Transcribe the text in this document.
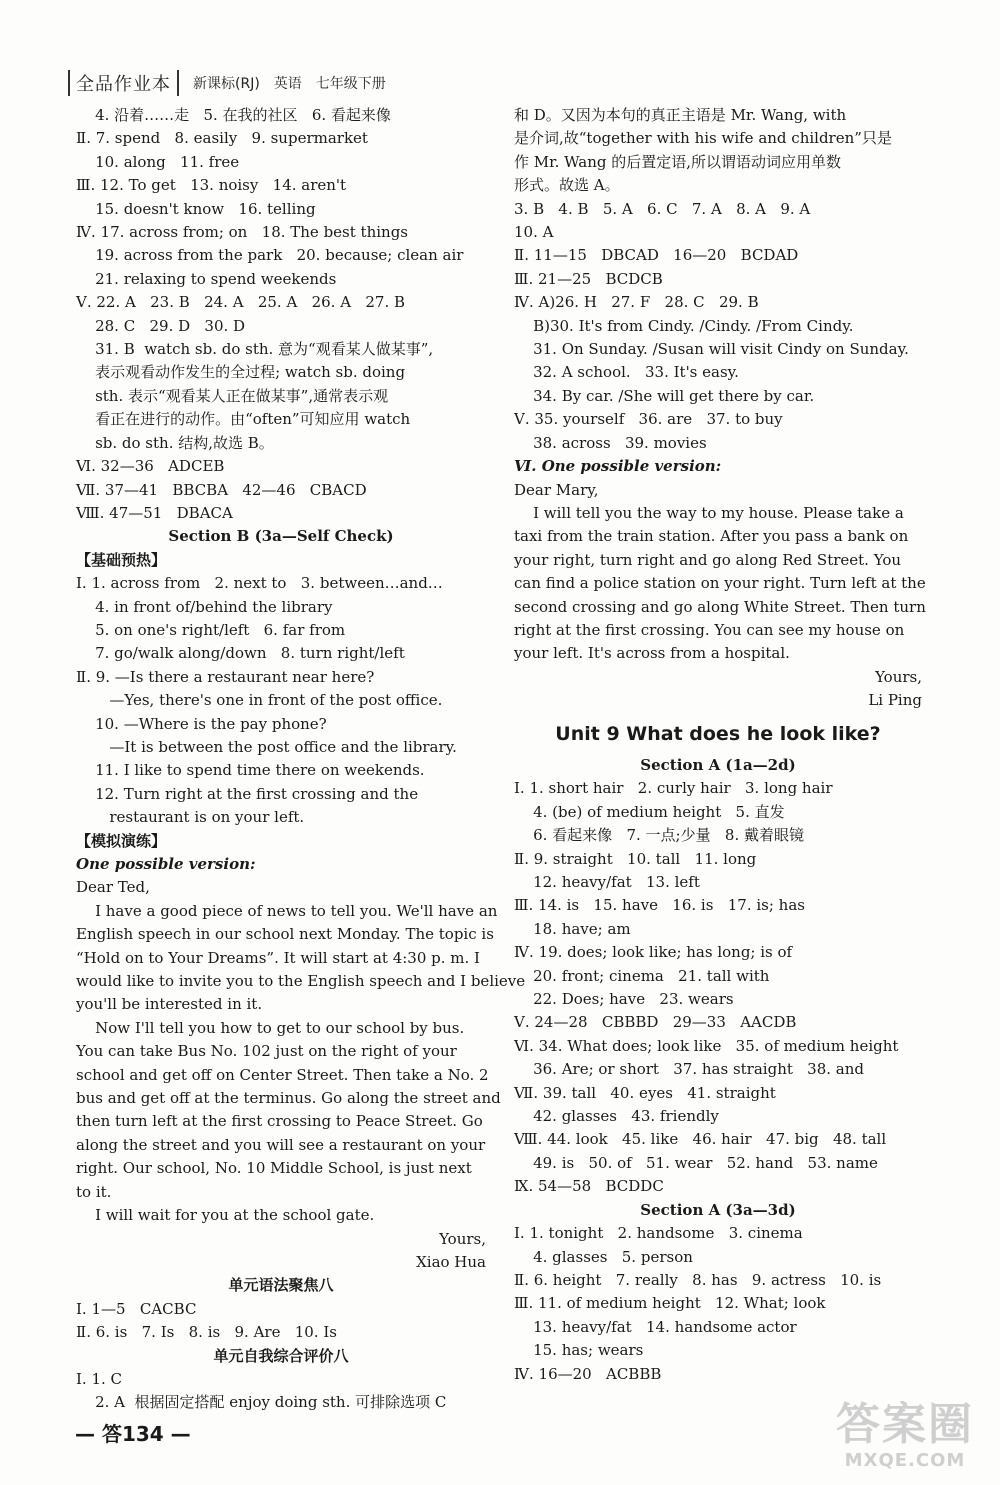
全品作业本	新课标(RJ) 英语 七年级下册
4. 沿着……走   5. 在我的社区   6. 看起来像
Ⅱ. 7. spend   8. easily   9. supermarket
10. along   11. free
Ⅲ. 12. To get   13. noisy   14. aren't
15. doesn't know   16. telling
Ⅳ. 17. across from; on   18. The best things
19. across from the park   20. because; clean air
21. relaxing to spend weekends
Ⅴ. 22. A   23. B   24. A   25. A   26. A   27. B
28. C   29. D   30. D
31. B  watch sb. do sth. 意为“观看某人做某事”,
表示观看动作发生的全过程; watch sb. doing
sth. 表示“观看某人正在做某事”,通常表示观
看正在进行的动作。由“often”可知应用 watch
sb. do sth. 结构,故选 B。
Ⅵ. 32—36   ADCEB
Ⅶ. 37—41   BBCBA   42—46   CBACD
Ⅷ. 47—51   DBACA
Section B (3a—Self Check)
【基础预热】
Ⅰ. 1. across from   2. next to   3. between…and…
4. in front of/behind the library
5. on one's right/left   6. far from
7. go/walk along/down   8. turn right/left
Ⅱ. 9. —Is there a restaurant near here?
—Yes, there's one in front of the post office.
10. —Where is the pay phone?
—It is between the post office and the library.
11. I like to spend time there on weekends.
12. Turn right at the first crossing and the
restaurant is on your left.
【模拟演练】
One possible version:
Dear Ted,
I have a good piece of news to tell you. We'll have an
English speech in our school next Monday. The topic is
“Hold on to Your Dreams”. It will start at 4:30 p. m. I
would like to invite you to the English speech and I believe
you'll be interested in it.
Now I'll tell you how to get to our school by bus.
You can take Bus No. 102 just on the right of your
school and get off on Center Street. Then take a No. 2
bus and get off at the terminus. Go along the street and
then turn left at the first crossing to Peace Street. Go
along the street and you will see a restaurant on your
right. Our school, No. 10 Middle School, is just next
to it.
I will wait for you at the school gate.
Yours,
Xiao Hua
单元语法聚焦八
Ⅰ. 1—5   CACBC
Ⅱ. 6. is   7. Is   8. is   9. Are   10. Is
单元自我综合评价八
Ⅰ. 1. C
2. A  根据固定搭配 enjoy doing sth. 可排除选项 C
和 D。又因为本句的真正主语是 Mr. Wang, with
是介词,故“together with his wife and children”只是
作 Mr. Wang 的后置定语,所以谓语动词应用单数
形式。故选 A。
3. B   4. B   5. A   6. C   7. A   8. A   9. A
10. A
Ⅱ. 11—15   DBCAD   16—20   BCDAD
Ⅲ. 21—25   BCDCB
Ⅳ. A)26. H   27. F   28. C   29. B
B)30. It's from Cindy. /Cindy. /From Cindy.
31. On Sunday. /Susan will visit Cindy on Sunday.
32. A school.   33. It's easy.
34. By car. /She will get there by car.
Ⅴ. 35. yourself   36. are   37. to buy
38. across   39. movies
Ⅵ. One possible version:
Dear Mary,
I will tell you the way to my house. Please take a
taxi from the train station. After you pass a bank on
your right, turn right and go along Red Street. You
can find a police station on your right. Turn left at the
second crossing and go along White Street. Then turn
right at the first crossing. You can see my house on
your left. It's across from a hospital.
Yours,
Li Ping
Unit 9 What does he look like?
Section A (1a—2d)
Ⅰ. 1. short hair   2. curly hair   3. long hair
4. (be) of medium height   5. 直发
6. 看起来像   7. 一点;少量   8. 戴着眼镜
Ⅱ. 9. straight   10. tall   11. long
12. heavy/fat   13. left
Ⅲ. 14. is   15. have   16. is   17. is; has
18. have; am
Ⅳ. 19. does; look like; has long; is of
20. front; cinema   21. tall with
22. Does; have   23. wears
Ⅴ. 24—28   CBBBD   29—33   AACDB
Ⅵ. 34. What does; look like   35. of medium height
36. Are; or short   37. has straight   38. and
Ⅶ. 39. tall   40. eyes   41. straight
42. glasses   43. friendly
Ⅷ. 44. look   45. like   46. hair   47. big   48. tall
49. is   50. of   51. wear   52. hand   53. name
Ⅸ. 54—58   BCDDC
Section A (3a—3d)
Ⅰ. 1. tonight   2. handsome   3. cinema
4. glasses   5. person
Ⅱ. 6. height   7. really   8. has   9. actress   10. is
Ⅲ. 11. of medium height   12. What; look
13. heavy/fat   14. handsome actor
15. has; wears
Ⅳ. 16—20   ACBBB
— 答134 —	答案圈
MXQE.COM
